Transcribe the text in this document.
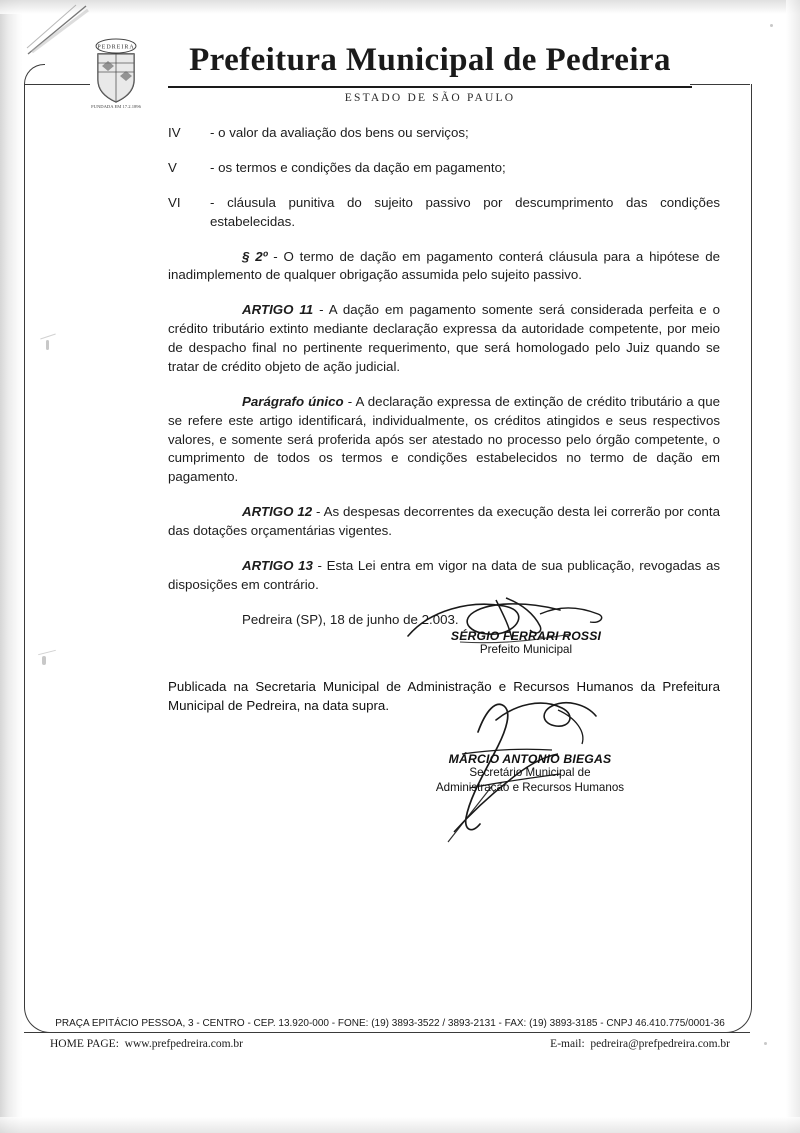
PEDREIRA
FUNDADA EM 17.2.1896
Prefeitura Municipal de Pedreira
ESTADO DE SÃO PAULO
IV	- o valor da avaliação dos bens ou serviços;
V	- os termos e condições da dação em pagamento;
VI	- cláusula punitiva do sujeito passivo por descumprimento das condições estabelecidas.

§ 2º - O termo de dação em pagamento conterá cláusula para a hipótese de inadimplemento de qualquer obrigação assumida pelo sujeito passivo.

ARTIGO 11 - A dação em pagamento somente será considerada perfeita e o crédito tributário extinto mediante declaração expressa da autoridade competente, por meio de despacho final no pertinente requerimento, que será homologado pelo Juiz quando se tratar de crédito objeto de ação judicial.

Parágrafo único - A declaração expressa de extinção de crédito tributário a que se refere este artigo identificará, individualmente, os créditos atingidos e seus respectivos valores, e somente será proferida após ser atestado no processo pelo órgão competente, o cumprimento de todos os termos e condições estabelecidos no termo de dação em pagamento.

ARTIGO 12 - As despesas decorrentes da execução desta lei correrão por conta das dotações orçamentárias vigentes.

ARTIGO 13 - Esta Lei entra em vigor na data de sua publicação, revogadas as disposições em contrário.

Pedreira (SP), 18 de junho de 2.003.

SÉRGIO FERRARI ROSSI
Prefeito Municipal
Publicada na Secretaria Municipal de Administração e Recursos Humanos da Prefeitura Municipal de Pedreira, na data supra.
MÁRCIO ANTONIO BIEGAS
Secretário Municipal de
Administração e Recursos Humanos
PRAÇA EPITÁCIO PESSOA, 3 - CENTRO - CEP. 13.920-000 - FONE: (19) 3893-3522 / 3893-2131 - FAX: (19) 3893-3185 - CNPJ 46.410.775/0001-36
HOME PAGE: www.prefpedreira.com.br	E-mail: pedreira@prefpedreira.com.br
